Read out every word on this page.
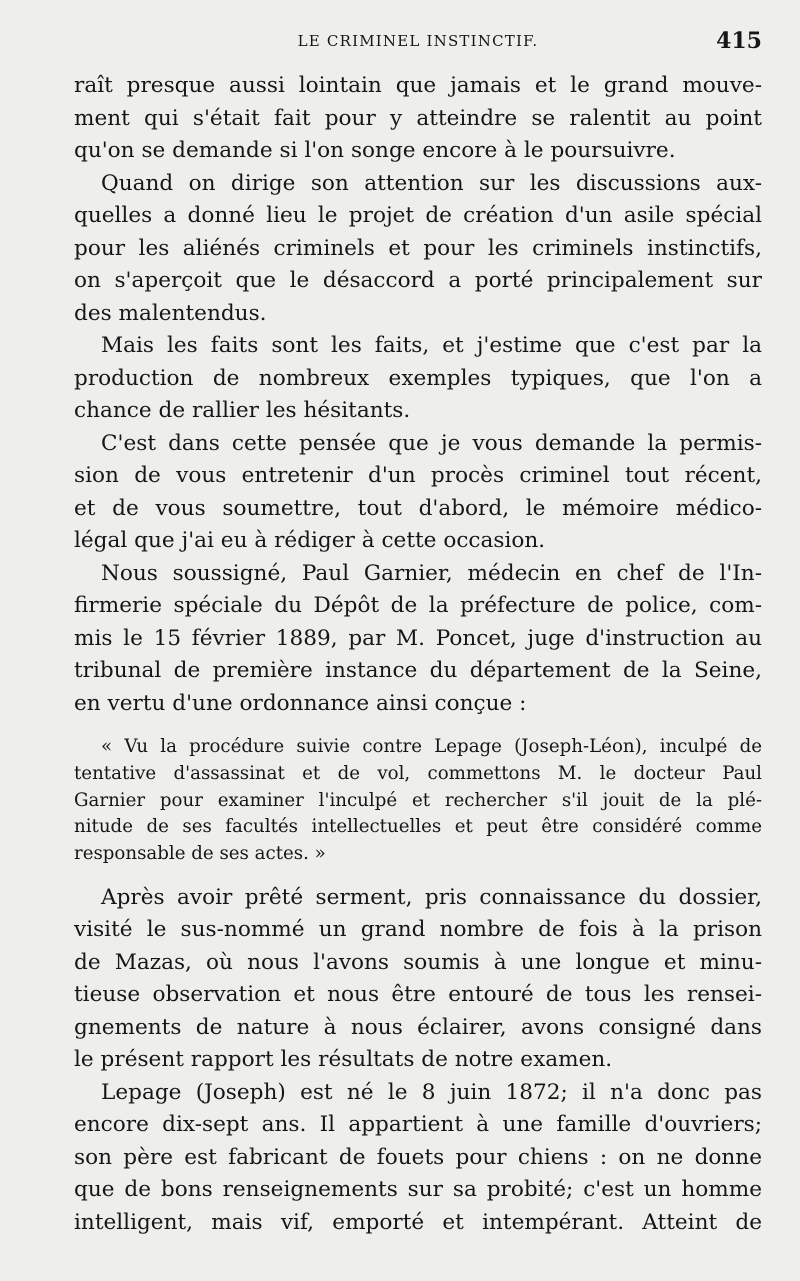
LE CRIMINEL INSTINCTIF.	415

raît presque aussi lointain que jamais et le grand mouve-
ment qui s'était fait pour y atteindre se ralentit au point
qu'on se demande si l'on songe encore à le poursuivre.

Quand on dirige son attention sur les discussions aux-
quelles a donné lieu le projet de création d'un asile spécial
pour les aliénés criminels et pour les criminels instinctifs,
on s'aperçoit que le désaccord a porté principalement sur
des malentendus.

Mais les faits sont les faits, et j'estime que c'est par la
production de nombreux exemples typiques, que l'on a
chance de rallier les hésitants.

C'est dans cette pensée que je vous demande la permis-
sion de vous entretenir d'un procès criminel tout récent,
et de vous soumettre, tout d'abord, le mémoire médico-
légal que j'ai eu à rédiger à cette occasion.

Nous soussigné, Paul Garnier, médecin en chef de l'In-
firmerie spéciale du Dépôt de la préfecture de police, com-
mis le 15 février 1889, par M. Poncet, juge d'instruction au
tribunal de première instance du département de la Seine,
en vertu d'une ordonnance ainsi conçue :

« Vu la procédure suivie contre Lepage (Joseph-Léon), inculpé de
tentative d'assassinat et de vol, commettons M. le docteur Paul
Garnier pour examiner l'inculpé et rechercher s'il jouit de la plé-
nitude de ses facultés intellectuelles et peut être considéré comme
responsable de ses actes. »

Après avoir prêté serment, pris connaissance du dossier,
visité le sus-nommé un grand nombre de fois à la prison
de Mazas, où nous l'avons soumis à une longue et minu-
tieuse observation et nous être entouré de tous les rensei-
gnements de nature à nous éclairer, avons consigné dans
le présent rapport les résultats de notre examen.

Lepage (Joseph) est né le 8 juin 1872; il n'a donc pas
encore dix-sept ans. Il appartient à une famille d'ouvriers;
son père est fabricant de fouets pour chiens : on ne donne
que de bons renseignements sur sa probité; c'est un homme
intelligent, mais vif, emporté et intempérant. Atteint de
